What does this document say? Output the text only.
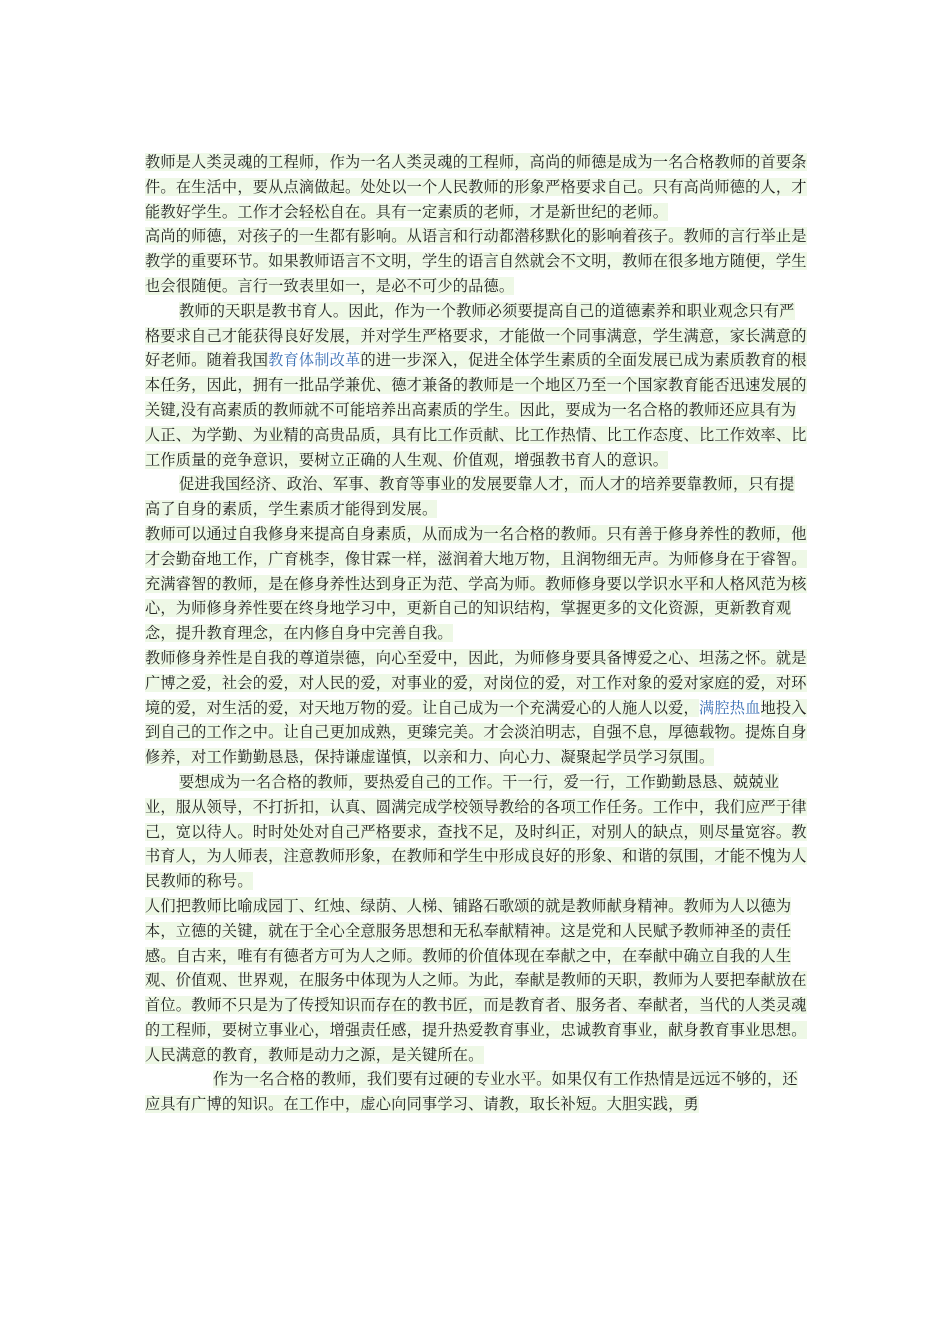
教师是人类灵魂的工程师，作为一名人类灵魂的工程师，高尚的师德是成为一名合格教师的首要条件。在生活中，要从点滴做起。处处以一个人民教师的形象严格要求自己。只有高尚师德的人，才能教好学生。工作才会轻松自在。具有一定素质的老师，才是新世纪的老师。

高尚的师德，对孩子的一生都有影响。从语言和行动都潜移默化的影响着孩子。教师的言行举止是教学的重要环节。如果教师语言不文明，学生的语言自然就会不文明，教师在很多地方随便，学生也会很随便。言行一致表里如一，是必不可少的品德。

教师的天职是教书育人。因此，作为一个教师必须要提高自己的道德素养和职业观念只有严格要求自己才能获得良好发展，并对学生严格要求，才能做一个同事满意，学生满意，家长满意的好老师。随着我国教育体制改革的进一步深入，促进全体学生素质的全面发展已成为素质教育的根本任务，因此，拥有一批品学兼优、德才兼备的教师是一个地区乃至一个国家教育能否迅速发展的关键,没有高素质的教师就不可能培养出高素质的学生。因此，要成为一名合格的教师还应具有为人正、为学勤、为业精的高贵品质，具有比工作贡献、比工作热情、比工作态度、比工作效率、比工作质量的竞争意识，要树立正确的人生观、价值观，增强教书育人的意识。

促进我国经济、政治、军事、教育等事业的发展要靠人才，而人才的培养要靠教师，只有提高了自身的素质，学生素质才能得到发展。

教师可以通过自我修身来提高自身素质，从而成为一名合格的教师。只有善于修身养性的教师，他才会勤奋地工作，广育桃李，像甘霖一样，滋润着大地万物，且润物细无声。为师修身在于睿智。充满睿智的教师，是在修身养性达到身正为范、学高为师。教师修身要以学识水平和人格风范为核心，为师修身养性要在终身地学习中，更新自己的知识结构，掌握更多的文化资源，更新教育观念，提升教育理念，在内修自身中完善自我。

教师修身养性是自我的尊道崇德，向心至爱中，因此，为师修身要具备博爱之心、坦荡之怀。就是广博之爱，社会的爱，对人民的爱，对事业的爱，对岗位的爱，对工作对象的爱对家庭的爱，对环境的爱，对生活的爱，对天地万物的爱。让自己成为一个充满爱心的人施人以爱，满腔热血地投入到自己的工作之中。让自己更加成熟，更臻完美。才会淡泊明志，自强不息，厚德载物。提炼自身修养，对工作勤勤恳恳，保持谦虚谨慎，以亲和力、向心力、凝聚起学员学习氛围。

要想成为一名合格的教师，要热爱自己的工作。干一行，爱一行，工作勤勤恳恳、兢兢业业，服从领导，不打折扣，认真、圆满完成学校领导教给的各项工作任务。工作中，我们应严于律己，宽以待人。时时处处对自己严格要求，查找不足，及时纠正，对别人的缺点，则尽量宽容。教书育人，为人师表，注意教师形象，在教师和学生中形成良好的形象、和谐的氛围，才能不愧为人民教师的称号。

人们把教师比喻成园丁、红烛、绿荫、人梯、铺路石歌颂的就是教师献身精神。教师为人以德为本，立德的关键，就在于全心全意服务思想和无私奉献精神。这是党和人民赋予教师神圣的责任感。自古来，唯有有德者方可为人之师。教师的价值体现在奉献之中，在奉献中确立自我的人生观、价值观、世界观，在服务中体现为人之师。为此，奉献是教师的天职，教师为人要把奉献放在首位。教师不只是为了传授知识而存在的教书匠，而是教育者、服务者、奉献者，当代的人类灵魂的工程师，要树立事业心，增强责任感，提升热爱教育事业，忠诚教育事业，献身教育事业思想。人民满意的教育，教师是动力之源，是关键所在。

作为一名合格的教师，我们要有过硬的专业水平。如果仅有工作热情是远远不够的，还应具有广博的知识。在工作中，虚心向同事学习、请教，取长补短。大胆实践，勇
